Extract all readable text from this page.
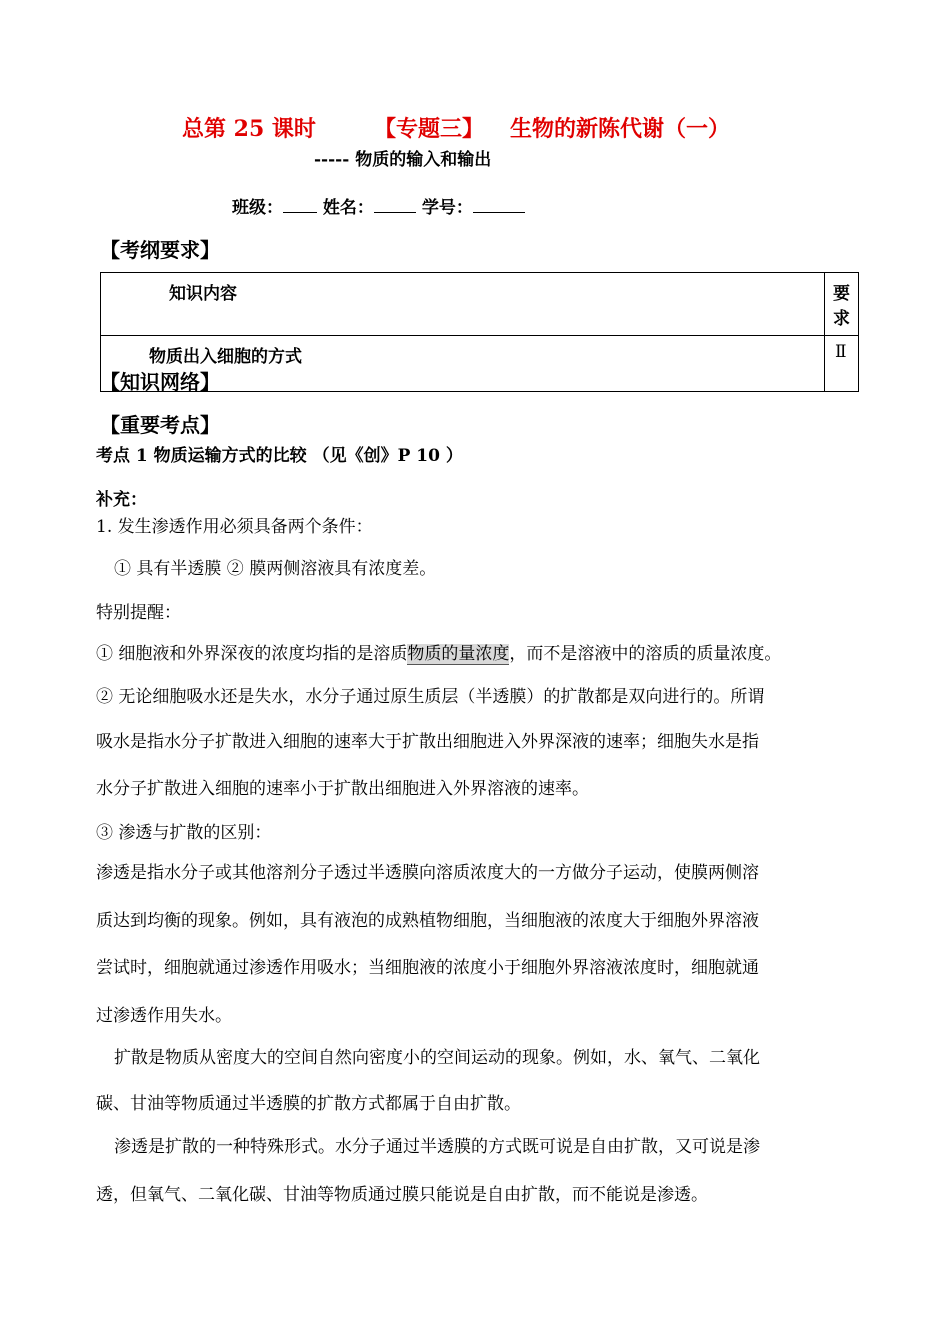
总第 25 课时	【专题三】 生物的新陈代谢（一）
----- 物质的输入和输出
班级： 姓名：	学号：
【考纲要求】
知识内容	要求
物质出入细胞的方式	Ⅱ
【知识网络】
【重要考点】
考点 1 物质运输方式的比较 （见《创》P 10 ）
补充：
1. 发生渗透作用必须具备两个条件：
① 具有半透膜 ② 膜两侧溶液具有浓度差。
特别提醒：
① 细胞液和外界深夜的浓度均指的是溶质物质的量浓度，而不是溶液中的溶质的质量浓度。
② 无论细胞吸水还是失水，水分子通过原生质层（半透膜）的扩散都是双向进行的。所谓
吸水是指水分子扩散进入细胞的速率大于扩散出细胞进入外界深液的速率；细胞失水是指
水分子扩散进入细胞的速率小于扩散出细胞进入外界溶液的速率。
③ 渗透与扩散的区别：
渗透是指水分子或其他溶剂分子透过半透膜向溶质浓度大的一方做分子运动，使膜两侧溶
质达到均衡的现象。例如，具有液泡的成熟植物细胞，当细胞液的浓度大于细胞外界溶液
尝试时，细胞就通过渗透作用吸水；当细胞液的浓度小于细胞外界溶液浓度时，细胞就通
过渗透作用失水。
扩散是物质从密度大的空间自然向密度小的空间运动的现象。例如，水、氧气、二氧化
碳、甘油等物质通过半透膜的扩散方式都属于自由扩散。
渗透是扩散的一种特殊形式。水分子通过半透膜的方式既可说是自由扩散，又可说是渗
透，但氧气、二氧化碳、甘油等物质通过膜只能说是自由扩散，而不能说是渗透。
